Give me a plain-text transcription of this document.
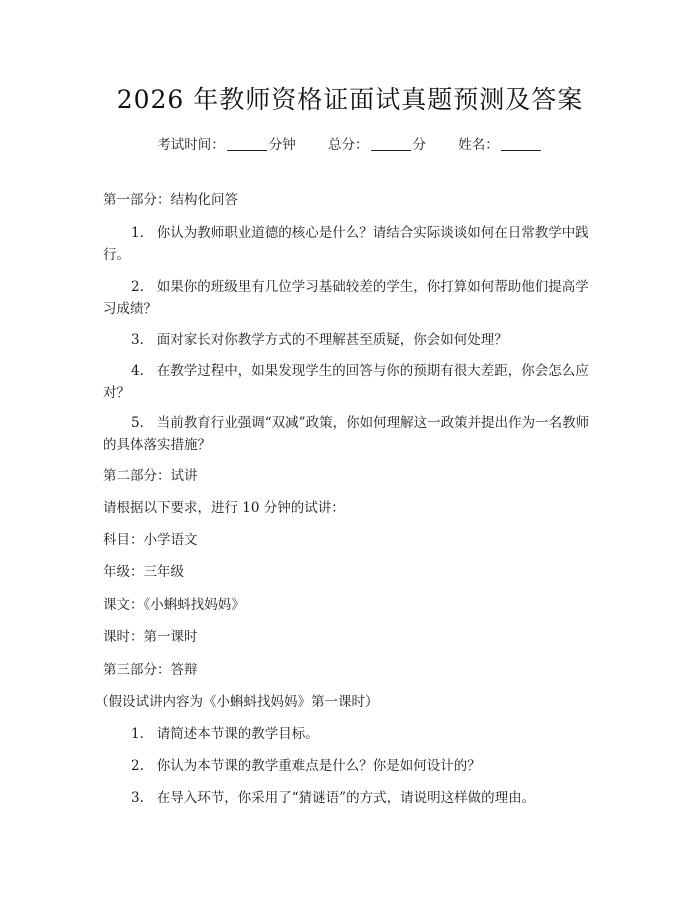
2026 年教师资格证面试真题预测及答案
考试时间：	分钟 总分：	分 姓名：
第一部分：结构化问答
1. 你认为教师职业道德的核心是什么？请结合实际谈谈如何在日常教学中践行。
2. 如果你的班级里有几位学习基础较差的学生，你打算如何帮助他们提高学习成绩？
3. 面对家长对你教学方式的不理解甚至质疑，你会如何处理？
4. 在教学过程中，如果发现学生的回答与你的预期有很大差距，你会怎么应对？
5. 当前教育行业强调“双减”政策，你如何理解这一政策并提出作为一名教师的具体落实措施？
第二部分：试讲
请根据以下要求，进行 10 分钟的试讲：
科目：小学语文
年级：三年级
课文：《小蝌蚪找妈妈》
课时：第一课时
第三部分：答辩
（假设试讲内容为《小蝌蚪找妈妈》第一课时）
1. 请简述本节课的教学目标。
2. 你认为本节课的教学重难点是什么？你是如何设计的？
3. 在导入环节，你采用了“猜谜语”的方式，请说明这样做的理由。
